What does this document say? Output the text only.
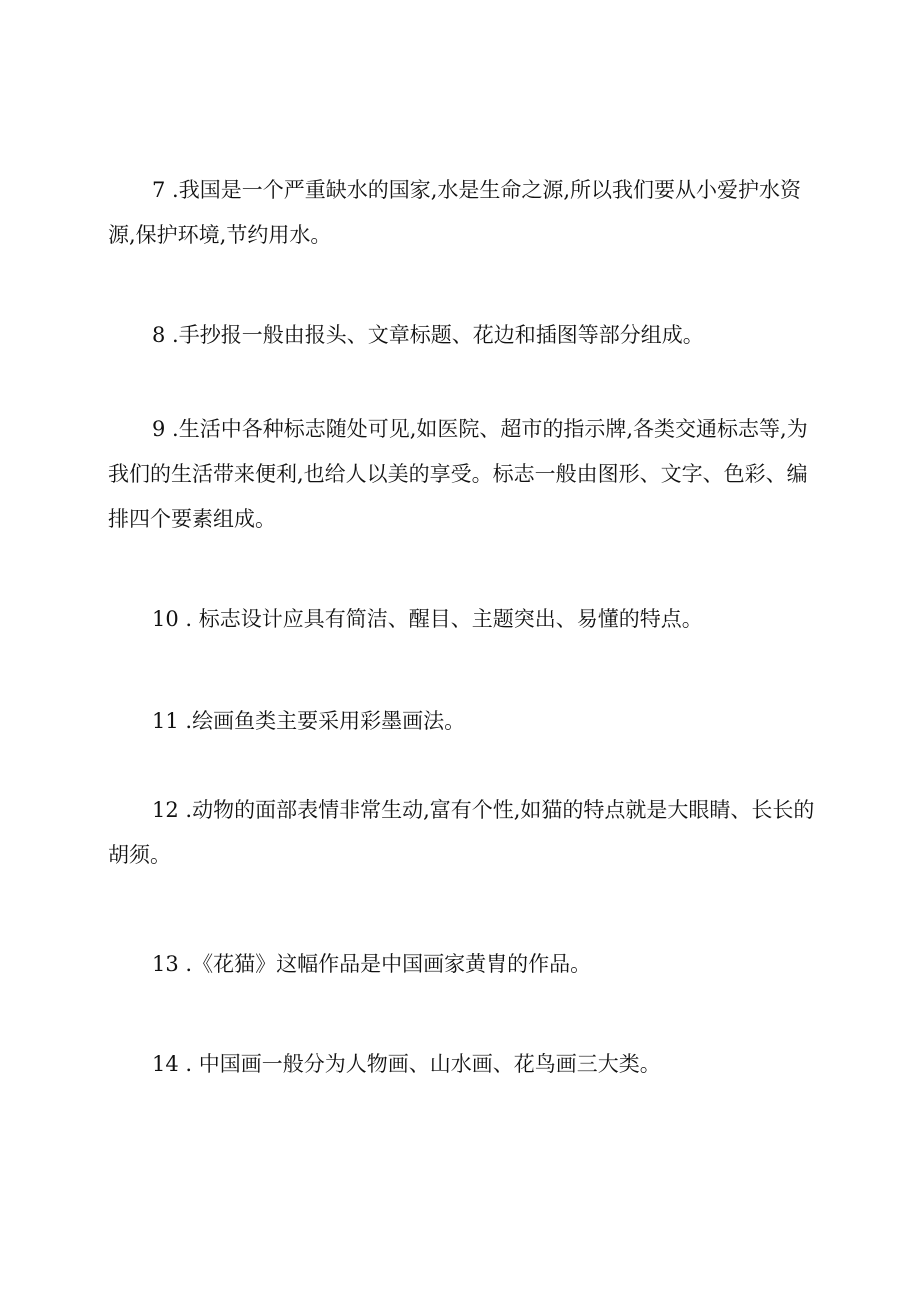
7 .我国是一个严重缺水的国家,水是生命之源,所以我们要从小爱护水资源,保护环境,节约用水。

8 .手抄报一般由报头、文章标题、花边和插图等部分组成。

9 .生活中各种标志随处可见,如医院、超市的指示牌,各类交通标志等,为我们的生活带来便利,也给人以美的享受。标志一般由图形、文字、色彩、编排四个要素组成。

10 . 标志设计应具有简洁、醒目、主题突出、易懂的特点。

11 .绘画鱼类主要采用彩墨画法。

12 .动物的面部表情非常生动,富有个性,如猫的特点就是大眼睛、长长的胡须。

13 .《花猫》这幅作品是中国画家黄胄的作品。

14 . 中国画一般分为人物画、山水画、花鸟画三大类。
